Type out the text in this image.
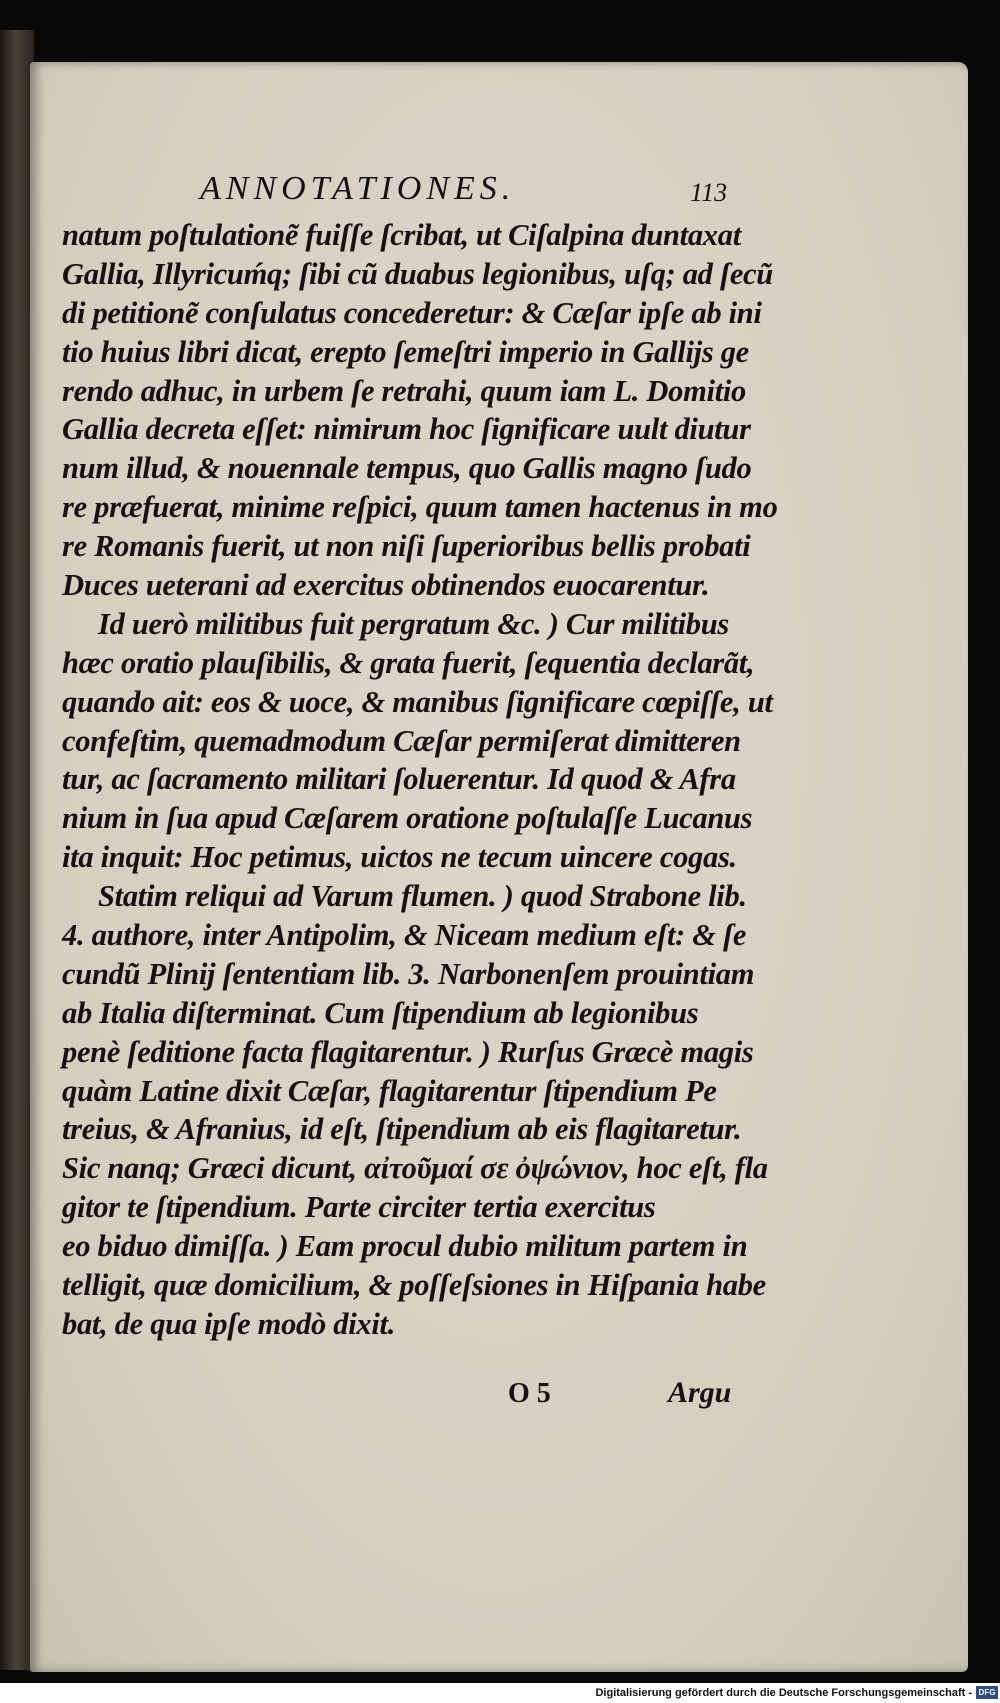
ANNOTATIONES.	113
natum poſtulationẽ fuiſſe ſcribat, ut Ciſalpina duntaxat
Gallia, Illyricuḿq; ſibi cũ duabus legionibus, uſq; ad ſecũ
di petitionẽ conſulatus concederetur: & Cæſar ipſe ab ini
tio huius libri dicat, erepto ſemeſtri imperio in Gallijs ge
rendo adhuc, in urbem ſe retrahi, quum iam L. Domitio
Gallia decreta eſſet: nimirum hoc ſignificare uult diutur
num illud, & nouennale tempus, quo Gallis magno ſudo
re præfuerat, minime reſpici, quum tamen hactenus in mo
re Romanis fuerit, ut non niſi ſuperioribus bellis probati
Duces ueterani ad exercitus obtinendos euocarentur.
Id uerò militibus fuit pergratum &c. ) Cur militibus
hæc oratio plauſibilis, & grata fuerit, ſequentia declarãt,
quando ait: eos & uoce, & manibus ſignificare cœpiſſe, ut
confeſtim, quemadmodum Cæſar permiſerat dimitteren
tur, ac ſacramento militari ſoluerentur. Id quod & Afra
nium in ſua apud Cæſarem oratione poſtulaſſe Lucanus
ita inquit: Hoc petimus, uictos ne tecum uincere cogas.
Statim reliqui ad Varum flumen. ) quod Strabone lib.
4. authore, inter Antipolim, & Niceam medium eſt: & ſe
cundũ Plinij ſententiam lib. 3. Narbonenſem prouintiam
ab Italia diſterminat. Cum ſtipendium ab legionibus
penè ſeditione facta flagitarentur. ) Rurſus Græcè magis
quàm Latine dixit Cæſar, flagitarentur ſtipendium Pe
treius, & Afranius, id eſt, ſtipendium ab eis flagitaretur.
Sic nanq; Græci dicunt, αἰτοῦμαί σε ὀψώνιον, hoc eſt, fla
gitor te ſtipendium. Parte circiter tertia exercitus
eo biduo dimiſſa. ) Eam procul dubio militum partem in
telligit, quæ domicilium, & poſſeſsiones in Hiſpania habe
bat, de qua ipſe modò dixit.
O 5	Argu
Digitalisierung gefördert durch die Deutsche Forschungsgemeinschaft - DFG
